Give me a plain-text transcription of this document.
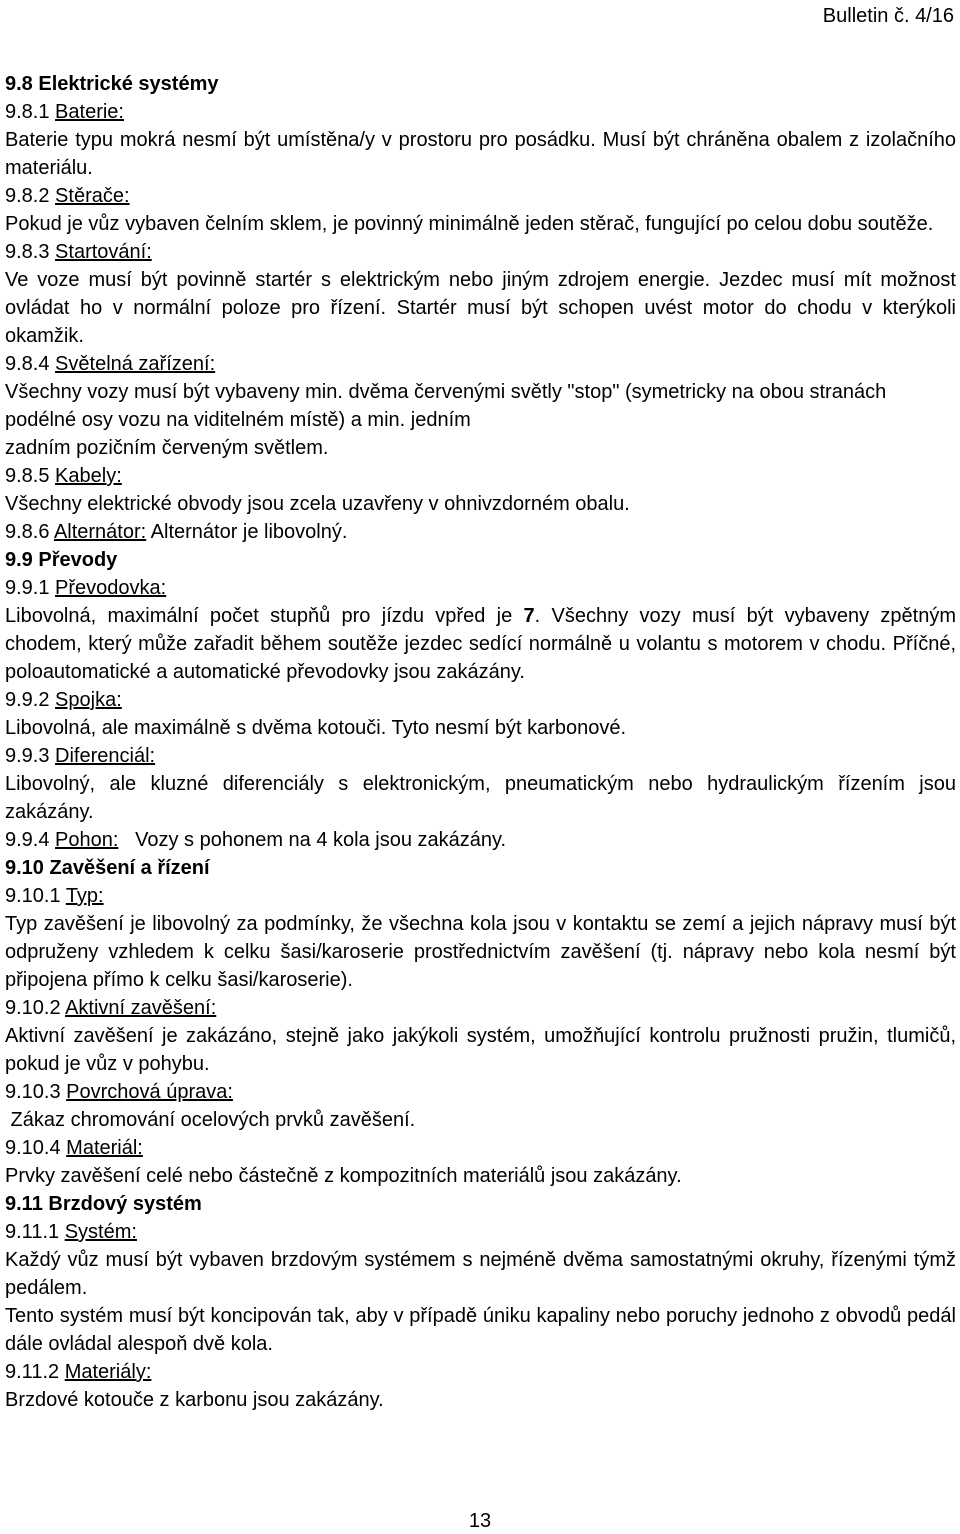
Bulletin č. 4/16

9.8 Elektrické systémy

9.8.1 Baterie:

Baterie typu mokrá nesmí být umístěna/y v prostoru pro posádku. Musí být chráněna obalem z izolačního materiálu.

9.8.2 Stěrače:

Pokud je vůz vybaven čelním sklem, je povinný minimálně jeden stěrač, fungující po celou dobu soutěže.

9.8.3 Startování:

Ve voze musí být povinně startér s elektrickým nebo jiným zdrojem energie. Jezdec musí mít možnost ovládat ho v normální poloze pro řízení. Startér musí být schopen uvést motor do chodu v kterýkoli okamžik.

9.8.4 Světelná zařízení:

Všechny vozy musí být vybaveny min. dvěma červenými světly "stop" (symetricky na obou stranách podélné osy vozu na viditelném místě) a min. jedním

zadním pozičním červeným světlem.

9.8.5 Kabely:

Všechny elektrické obvody jsou zcela uzavřeny v ohnivzdorném obalu.

9.8.6 Alternátor: Alternátor je libovolný.

9.9 Převody

9.9.1 Převodovka:

Libovolná, maximální počet stupňů pro jízdu vpřed je 7. Všechny vozy musí být vybaveny zpětným chodem, který může zařadit během soutěže jezdec sedící normálně u volantu s motorem v chodu. Příčné, poloautomatické a automatické převodovky jsou zakázány.

9.9.2 Spojka:

Libovolná, ale maximálně s dvěma kotouči. Tyto nesmí být karbonové.

9.9.3 Diferenciál:

Libovolný, ale kluzné diferenciály s elektronickým, pneumatickým nebo hydraulickým řízením jsou zakázány.

9.9.4 Pohon:   Vozy s pohonem na 4 kola jsou zakázány.

9.10 Zavěšení a řízení

9.10.1 Typ:

Typ zavěšení je libovolný za podmínky, že všechna kola jsou v kontaktu se zemí a jejich nápravy musí být odpruženy vzhledem k celku šasi/karoserie prostřednictvím zavěšení (tj. nápravy nebo kola nesmí být připojena přímo k celku šasi/karoserie).

9.10.2 Aktivní zavěšení:

Aktivní zavěšení je zakázáno, stejně jako jakýkoli systém, umožňující kontrolu pružnosti pružin, tlumičů, pokud je vůz v pohybu.

9.10.3 Povrchová úprava:

Zákaz chromování ocelových prvků zavěšení.

9.10.4 Materiál:

Prvky zavěšení celé nebo částečně z kompozitních materiálů jsou zakázány.

9.11 Brzdový systém

9.11.1 Systém:

Každý vůz musí být vybaven brzdovým systémem s nejméně dvěma samostatnými okruhy, řízenými týmž pedálem.

Tento systém musí být koncipován tak, aby v případě úniku kapaliny nebo poruchy jednoho z obvodů pedál dále ovládal alespoň dvě kola.

9.11.2 Materiály:

Brzdové kotouče z karbonu jsou zakázány.

13
